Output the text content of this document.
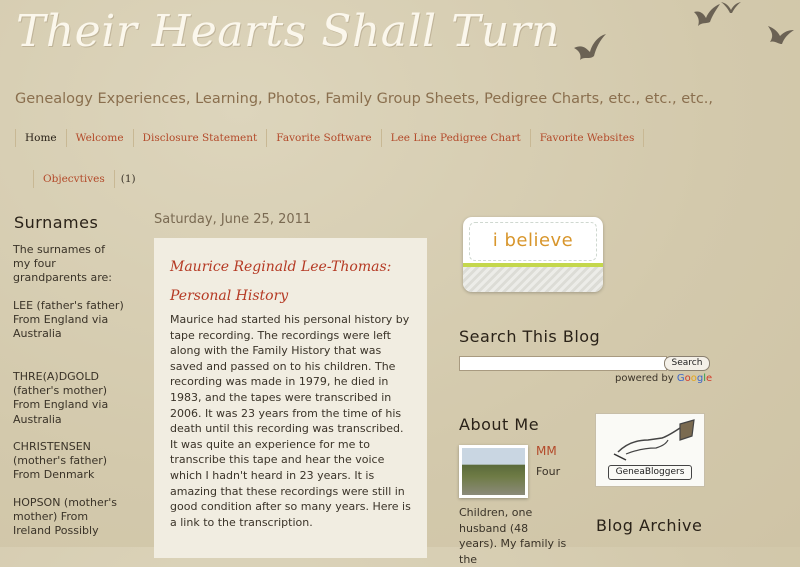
Their Hearts Shall Turn
Genealogy Experiences, Learning, Photos, Family Group Sheets, Pedigree Charts, etc., etc., etc.,
Home	Welcome	Disclosure Statement	Favorite Software	Lee Line Pedigree Chart	Favorite Websites
Objecvtives	(1)
Surnames
The surnames of my four grandparents are:
LEE (father's father) From England via Australia
THRE(A)DGOLD (father's mother) From England via Australia
CHRISTENSEN (mother's father) From Denmark
HOPSON (mother's mother) From Ireland Possibly
Saturday, June 25, 2011
Maurice Reginald Lee-Thomas: Personal History
Maurice had started his personal history by tape recording. The recordings were left along with the Family History that was saved and passed on to his children. The recording was made in 1979, he died in 1983, and the tapes were transcribed in 2006. It was 23 years from the time of his death until this recording was transcribed. It was quite an experience for me to transcribe this tape and hear the voice which I hadn't heard in 23 years. It is amazing that these recordings were still in good condition after so many years. Here is a link to the transcription.
i believe
Search This Blog
Search
powered by Google
About Me
MM
Four
Children, one husband (48 years). My family is the
GeneaBloggers
Blog Archive
